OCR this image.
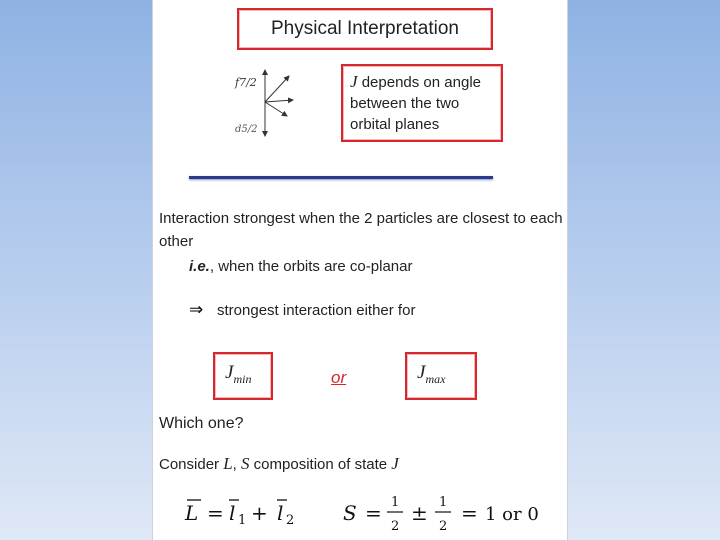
Physical Interpretation
f7/2
d5/2
J depends on angle
between the two
orbital planes
Interaction strongest when the 2 particles are closest to each other
i.e., when the orbits are co-planar
⇒ strongest interaction either for
$J_{min}$	or	$J_{max}$
Which one?
Consider L, S composition of state J
L = l 1 + l 2 S = 1
2
± 1
2
= 1 or 0
